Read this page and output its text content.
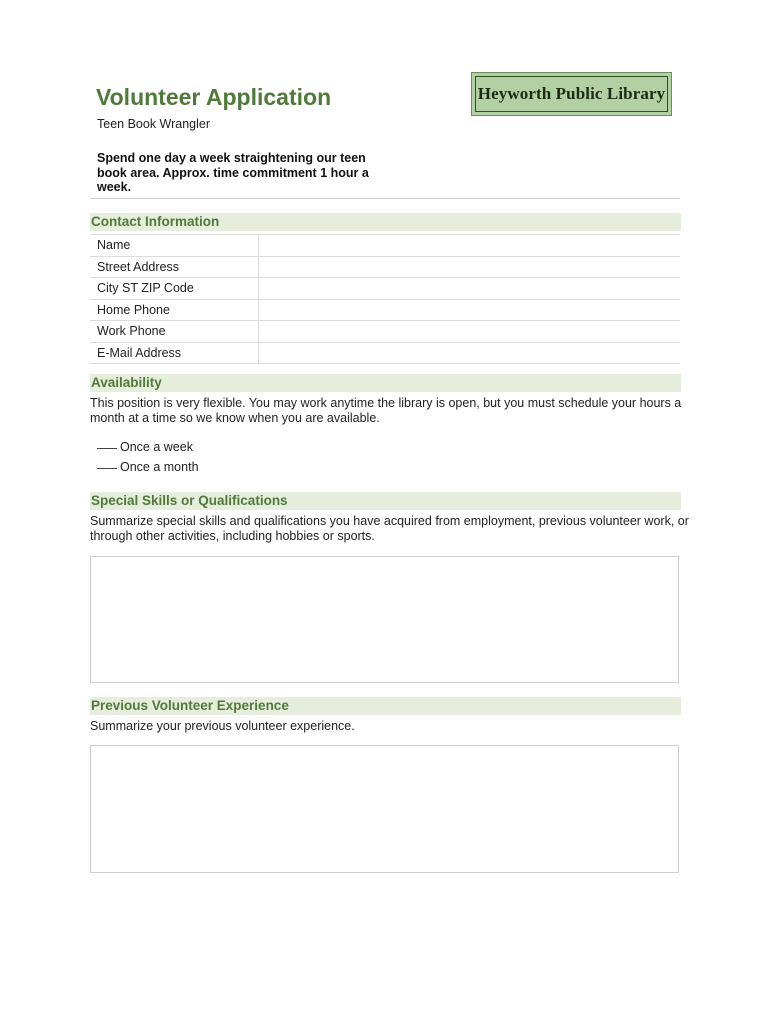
Heyworth Public Library
Volunteer Application
Teen Book Wrangler
Spend one day a week straightening our teen book area. Approx. time commitment 1 hour a week.
Contact Information
Name	
Street Address	
City ST ZIP Code	
Home Phone	
Work Phone	
E-Mail Address	
Availability

This position is very flexible. You may work anytime the library is open, but you must schedule your hours a month at a time so we know when you are available.

Once a week
Once a month
Special Skills or Qualifications

Summarize special skills and qualifications you have acquired from employment, previous volunteer work, or through other activities, including hobbies or sports.

Previous Volunteer Experience

Summarize your previous volunteer experience.
